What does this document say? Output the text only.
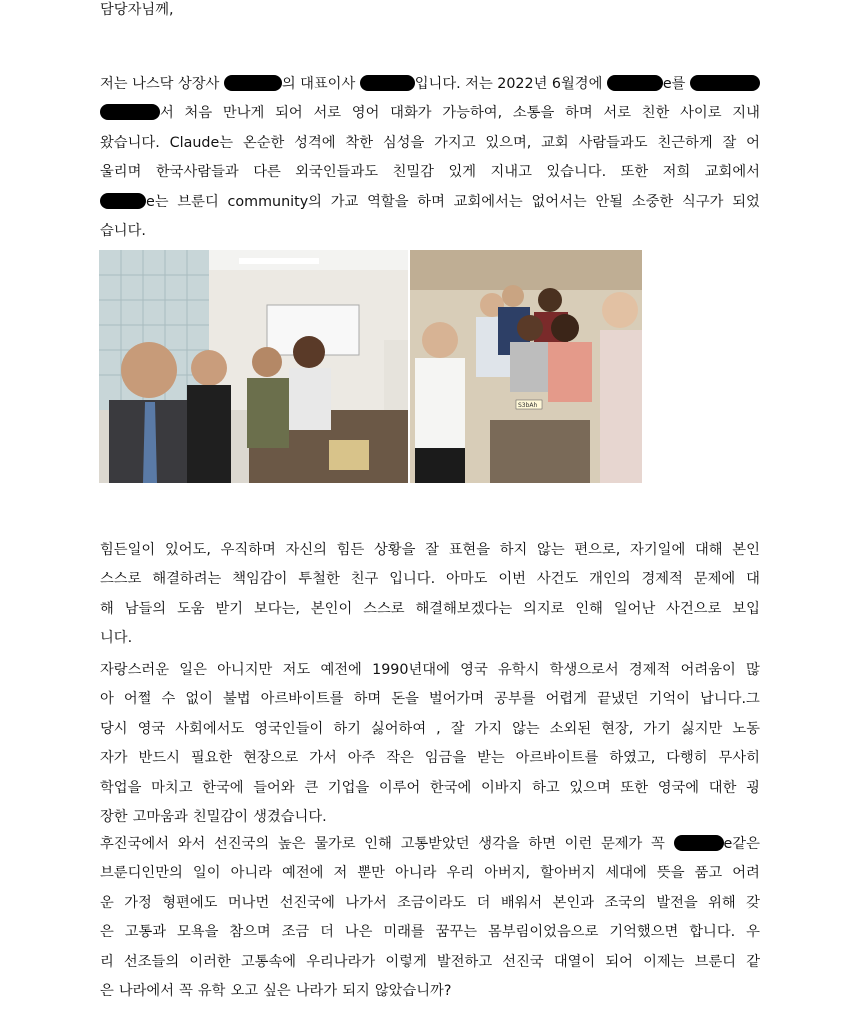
담당자님께,
저는 나스닥 상장사	의 대표이사	입니다. 저는 2022년 6월경에	e를
서 처음 만나게 되어 서로 영어 대화가 가능하여, 소통을 하며 서로 친한 사이로 지내
왔습니다. Claude는 온순한 성격에 착한 심성을 가지고 있으며, 교회 사람들과도 친근하게 잘 어
울리며 한국사람들과 다른 외국인들과도 친밀감 있게 지내고 있습니다. 또한 저희 교회에서
e는 브룬디 community의 가교 역할을 하며 교회에서는 없어서는 안될 소중한 식구가 되었
습니다.
S3bAh
힘든일이 있어도, 우직하며 자신의 힘든 상황을 잘 표현을 하지 않는 편으로, 자기일에 대해 본인
스스로 해결하려는 책임감이 투철한 친구 입니다. 아마도 이번 사건도 개인의 경제적 문제에 대
해 남들의 도움 받기 보다는, 본인이 스스로 해결해보겠다는 의지로 인해 일어난 사건으로 보입
니다.
자랑스러운 일은 아니지만 저도 예전에 1990년대에 영국 유학시 학생으로서 경제적 어려움이 많
아 어쩔 수 없이 불법 아르바이트를 하며 돈을 벌어가며 공부를 어렵게 끝냈던 기억이 납니다.그
당시 영국 사회에서도 영국인들이 하기 싫어하여 , 잘 가지 않는 소외된 현장, 가기 싫지만 노동
자가 반드시 필요한 현장으로 가서 아주 작은 임금을 받는 아르바이트를 하였고, 다행히 무사히
학업을 마치고 한국에 들어와 큰 기업을 이루어 한국에 이바지 하고 있으며 또한 영국에 대한 굉
장한 고마움과 친밀감이 생겼습니다.
후진국에서 와서 선진국의 높은 물가로 인해 고통받았던 생각을 하면 이런 문제가 꼭	e같은
브룬디인만의 일이 아니라 예전에 저 뿐만 아니라 우리 아버지, 할아버지 세대에 뜻을 품고 어려
운 가정 형편에도 머나먼 선진국에 나가서 조금이라도 더 배워서 본인과 조국의 발전을 위해 갖
은 고통과 모욕을 참으며 조금 더 나은 미래를 꿈꾸는 몸부림이었음으로 기억했으면 합니다. 우
리 선조들의 이러한 고통속에 우리나라가 이렇게 발전하고 선진국 대열이 되어 이제는 브룬디 같
은 나라에서 꼭 유학 오고 싶은 나라가 되지 않았습니까?
